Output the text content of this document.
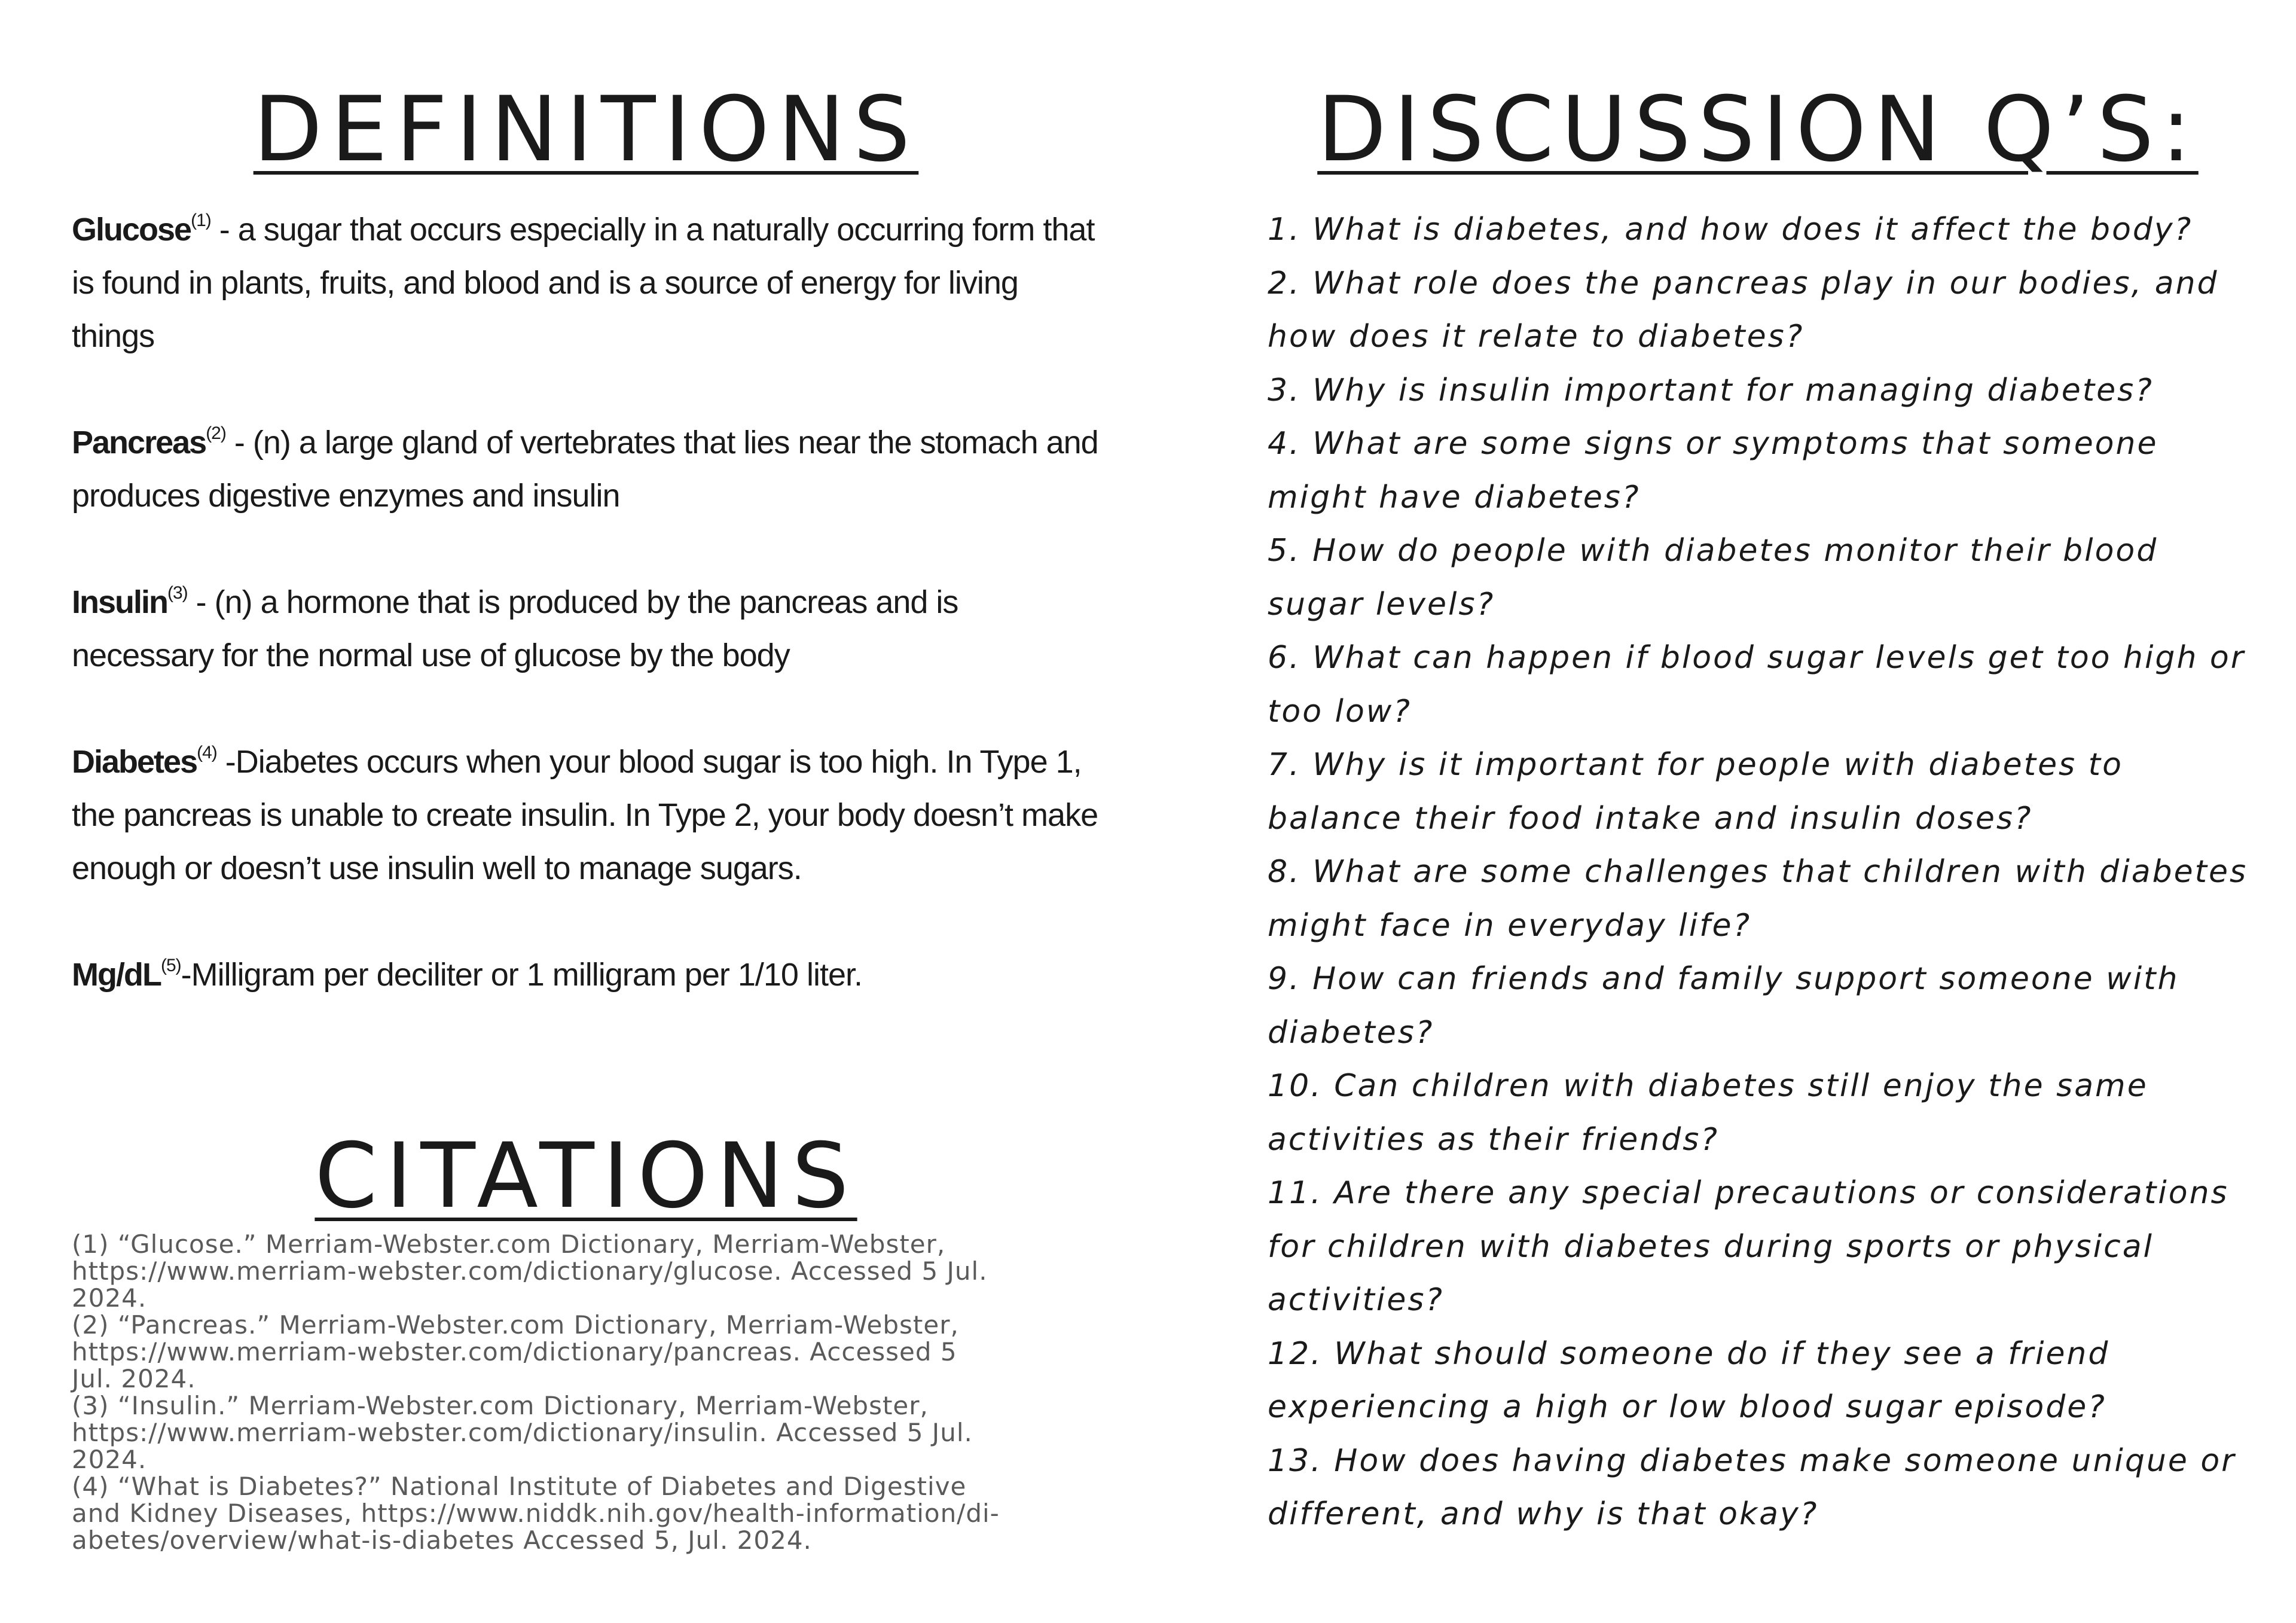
DEFINITIONS

Glucose$^{(1)}$ - a sugar that occurs especially in a naturally occurring form that is found in plants, fruits, and blood and is a source of energy for living things

Pancreas$^{(2)}$ - (n) a large gland of vertebrates that lies near the stomach and produces digestive enzymes and insulin

Insulin$^{(3)}$ - (n) a hormone that is produced by the pancreas and is necessary for the normal use of glucose by the body

Diabetes$^{(4)}$ -Diabetes occurs when your blood sugar is too high. In Type 1, the pancreas is unable to create insulin. In Type 2, your body doesn’t make enough or doesn’t use insulin well to manage sugars.

$Mg/dL^{(5)}$-Milligram per deciliter or 1 milligram per 1/10 liter.

CITATIONS

(1) “Glucose.” Merriam-Webster.com Dictionary, Merriam-Webster,
https://www.merriam-webster.com/dictionary/glucose. Accessed 5 Jul.
2024.

(2) “Pancreas.” Merriam-Webster.com Dictionary, Merriam-Webster,
https://www.merriam-webster.com/dictionary/pancreas. Accessed 5
Jul. 2024.

(3) “Insulin.” Merriam-Webster.com Dictionary, Merriam-Webster,
https://www.merriam-webster.com/dictionary/insulin. Accessed 5 Jul.
2024.

(4) “What is Diabetes?” National Institute of Diabetes and Digestive
and Kidney Diseases, https://www.niddk.nih.gov/health-information/di-
abetes/overview/what-is-diabetes Accessed 5, Jul. 2024.

DISCUSSION Q’S:

1. What is diabetes, and how does it affect the body?

2. What role does the pancreas play in our bodies, and how does it relate to diabetes?

3. Why is insulin important for managing diabetes?

4. What are some signs or symptoms that someone might have diabetes?

5. How do people with diabetes monitor their blood sugar levels?

6. What can happen if blood sugar levels get too high or too low?

7. Why is it important for people with diabetes to balance their food intake and insulin doses?

8. What are some challenges that children with diabetes might face in everyday life?

9. How can friends and family support someone with diabetes?

10. Can children with diabetes still enjoy the same activities as their friends?

11. Are there any special precautions or considerations for children with diabetes during sports or physical activities?

12. What should someone do if they see a friend experiencing a high or low blood sugar episode?

13. How does having diabetes make someone unique or different, and why is that okay?
